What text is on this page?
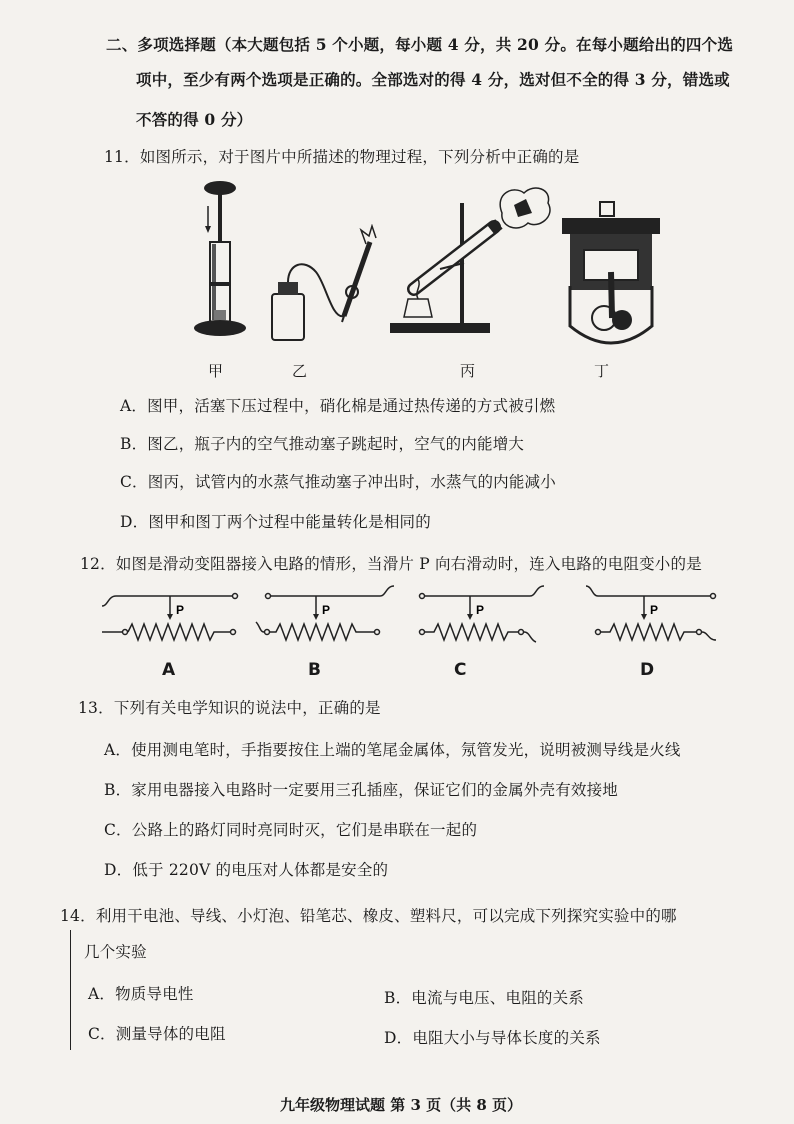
二、多项选择题（本大题包括 5 个小题，每小题 4 分，共 20 分。在每小题给出的四个选
项中，至少有两个选项是正确的。全部选对的得 4 分，选对但不全的得 3 分，错选或
不答的得 0 分）
11．如图所示，对于图片中所描述的物理过程，下列分析中正确的是
甲	乙	丙	丁
A．图甲，活塞下压过程中，硝化棉是通过热传递的方式被引燃
B．图乙，瓶子内的空气推动塞子跳起时，空气的内能增大
C．图丙，试管内的水蒸气推动塞子冲出时，水蒸气的内能减小
D．图甲和图丁两个过程中能量转化是相同的
12．如图是滑动变阻器接入电路的情形，当滑片 P 向右滑动时，连入电路的电阻变小的是
P	P	P	P
A	B	C	D
13．下列有关电学知识的说法中，正确的是
A．使用测电笔时，手指要按住上端的笔尾金属体，氖管发光，说明被测导线是火线
B．家用电器接入电路时一定要用三孔插座，保证它们的金属外壳有效接地
C．公路上的路灯同时亮同时灭，它们是串联在一起的
D．低于 220V 的电压对人体都是安全的
14．利用干电池、导线、小灯泡、铅笔芯、橡皮、塑料尺，可以完成下列探究实验中的哪
几个实验
A．物质导电性	B．电流与电压、电阻的关系
C．测量导体的电阻	D．电阻大小与导体长度的关系
九年级物理试题 第 3 页（共 8 页）
